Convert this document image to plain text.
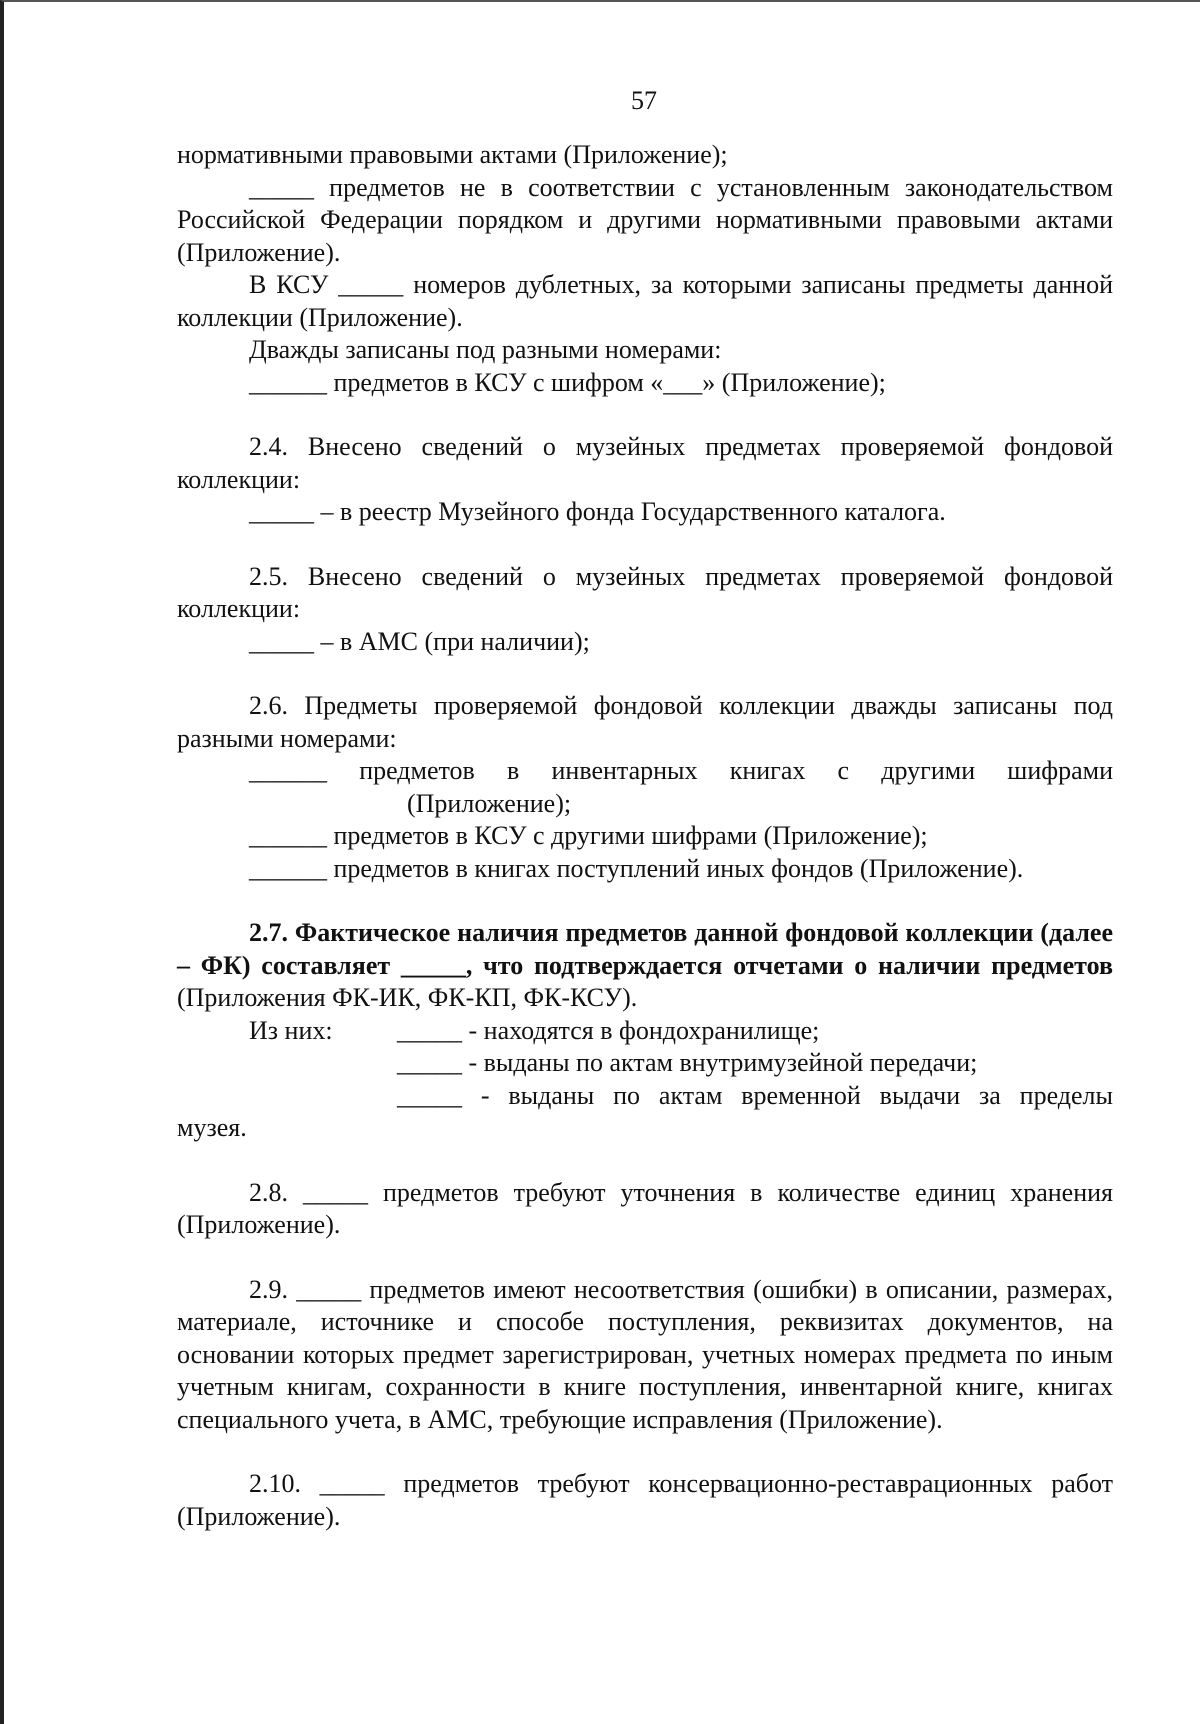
57

нормативными правовыми актами (Приложение);

_____ предметов не в соответствии с установленным законодательством Российской Федерации порядком и другими нормативными правовыми актами (Приложение).

В КСУ _____ номеров дублетных, за которыми записаны предметы данной коллекции (Приложение).

Дважды записаны под разными номерами:

______ предметов в КСУ с шифром «___» (Приложение);

2.4. Внесено сведений о музейных предметах проверяемой фондовой коллекции:

_____ – в реестр Музейного фонда Государственного каталога.

2.5. Внесено сведений о музейных предметах проверяемой фондовой коллекции:

_____ – в АМС (при наличии);

2.6. Предметы проверяемой фондовой коллекции дважды записаны под разными номерами:

______ предметов в инвентарных книгах с другими шифрами

(Приложение);

______ предметов в КСУ с другими шифрами (Приложение);

______ предметов в книгах поступлений иных фондов (Приложение).

2.7. Фактическое наличия предметов данной фондовой коллекции (далее – ФК) составляет _____, что подтверждается отчетами о наличии предметов (Приложения ФК-ИК, ФК-КП, ФК-КСУ).

Из них:	_____ - находятся в фондохранилище;

_____ - выданы по актам внутримузейной передачи;

_____ - выданы по актам временной выдачи за пределы

музея.

2.8. _____ предметов требуют уточнения в количестве единиц хранения (Приложение).

2.9. _____ предметов имеют несоответствия (ошибки) в описании, размерах, материале, источнике и способе поступления, реквизитах документов, на основании которых предмет зарегистрирован, учетных номерах предмета по иным учетным книгам, сохранности в книге поступления, инвентарной книге, книгах специального учета, в АМС, требующие исправления (Приложение).

2.10. _____ предметов требуют консервационно-реставрационных работ (Приложение).
